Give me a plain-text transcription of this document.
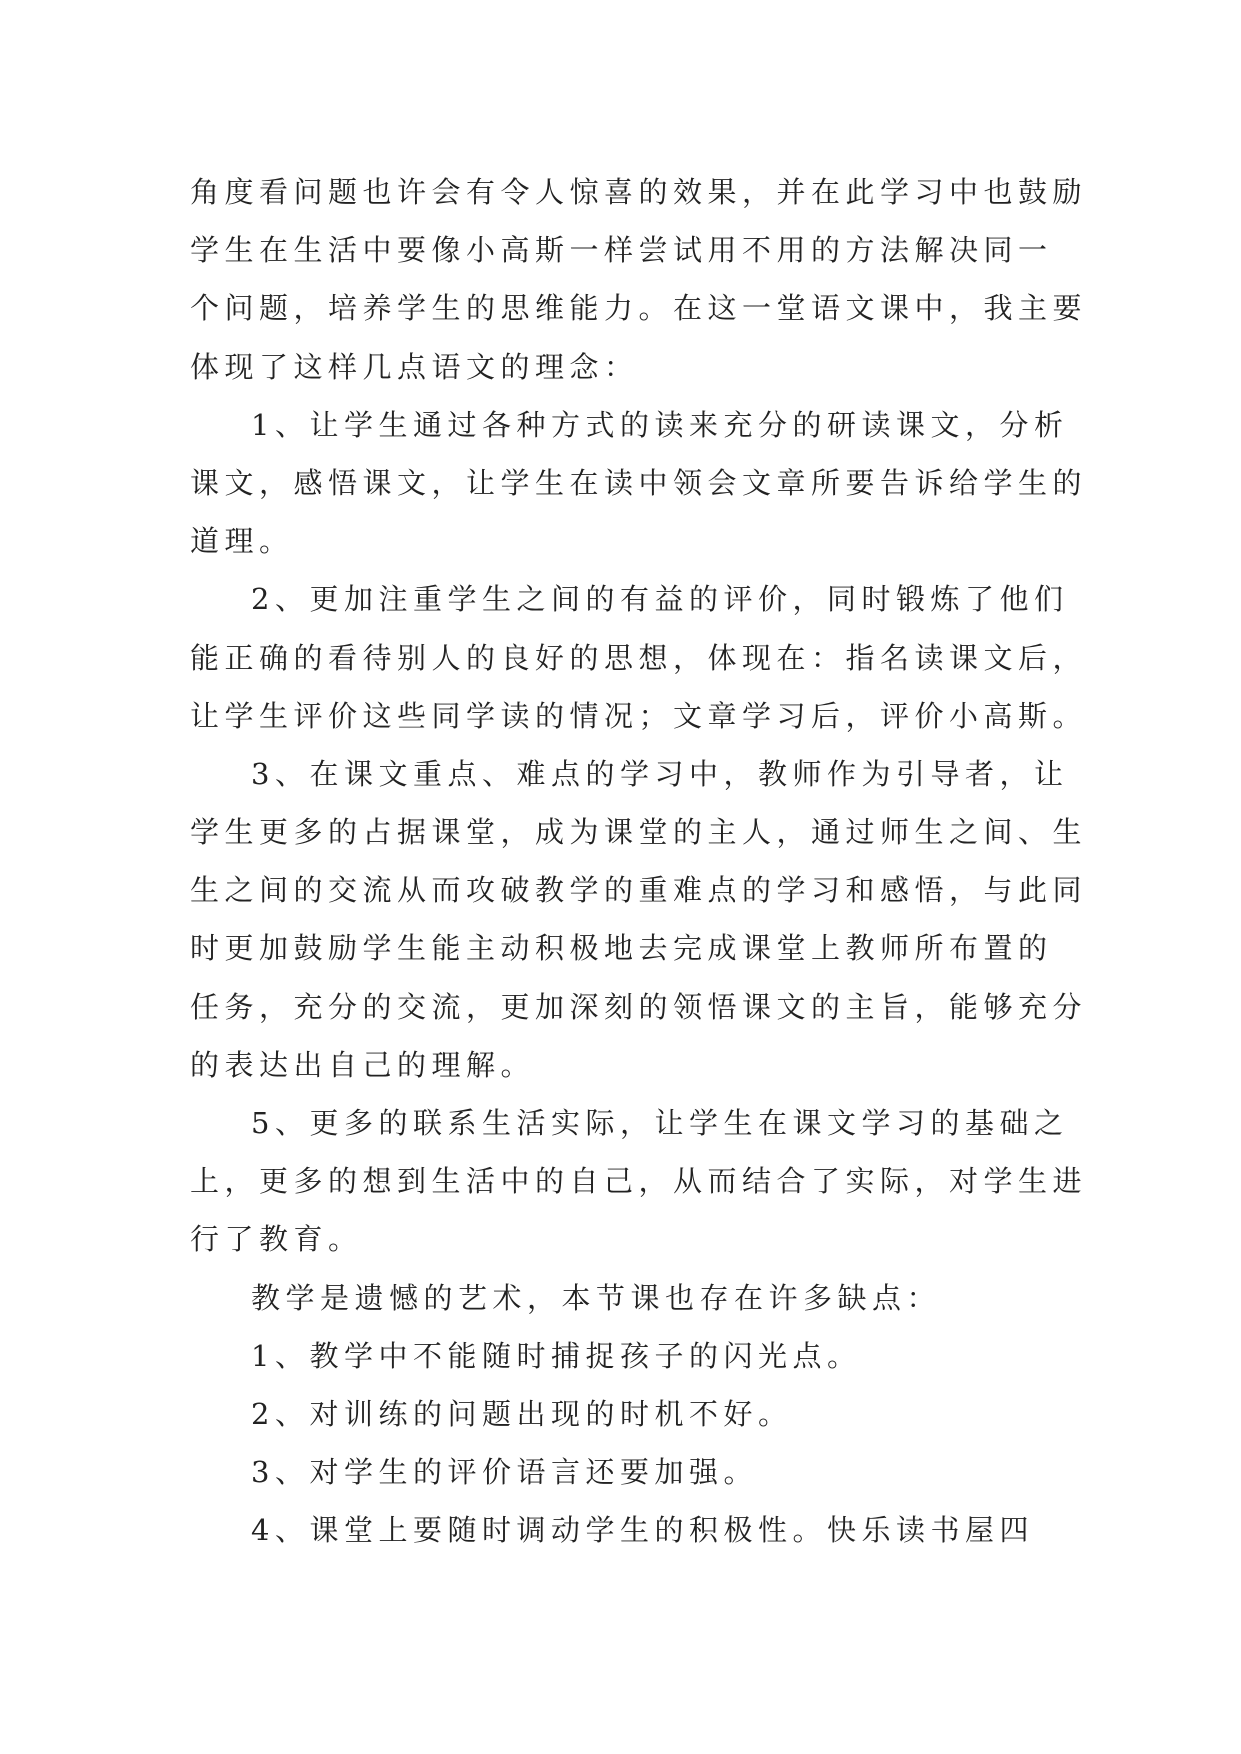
角度看问题也许会有令人惊喜的效果，并在此学习中也鼓励
学生在生活中要像小高斯一样尝试用不用的方法解决同一
个问题，培养学生的思维能力。在这一堂语文课中，我主要
体现了这样几点语文的理念：
1、让学生通过各种方式的读来充分的研读课文，分析
课文，感悟课文，让学生在读中领会文章所要告诉给学生的
道理。
2、更加注重学生之间的有益的评价，同时锻炼了他们
能正确的看待别人的良好的思想，体现在：指名读课文后，
让学生评价这些同学读的情况；文章学习后，评价小高斯。
3、在课文重点、难点的学习中，教师作为引导者，让
学生更多的占据课堂，成为课堂的主人，通过师生之间、生
生之间的交流从而攻破教学的重难点的学习和感悟，与此同
时更加鼓励学生能主动积极地去完成课堂上教师所布置的
任务，充分的交流，更加深刻的领悟课文的主旨，能够充分
的表达出自己的理解。
5、更多的联系生活实际，让学生在课文学习的基础之
上，更多的想到生活中的自己，从而结合了实际，对学生进
行了教育。
教学是遗憾的艺术，本节课也存在许多缺点：
1、教学中不能随时捕捉孩子的闪光点。
2、对训练的问题出现的时机不好。
3、对学生的评价语言还要加强。
4、课堂上要随时调动学生的积极性。快乐读书屋四
